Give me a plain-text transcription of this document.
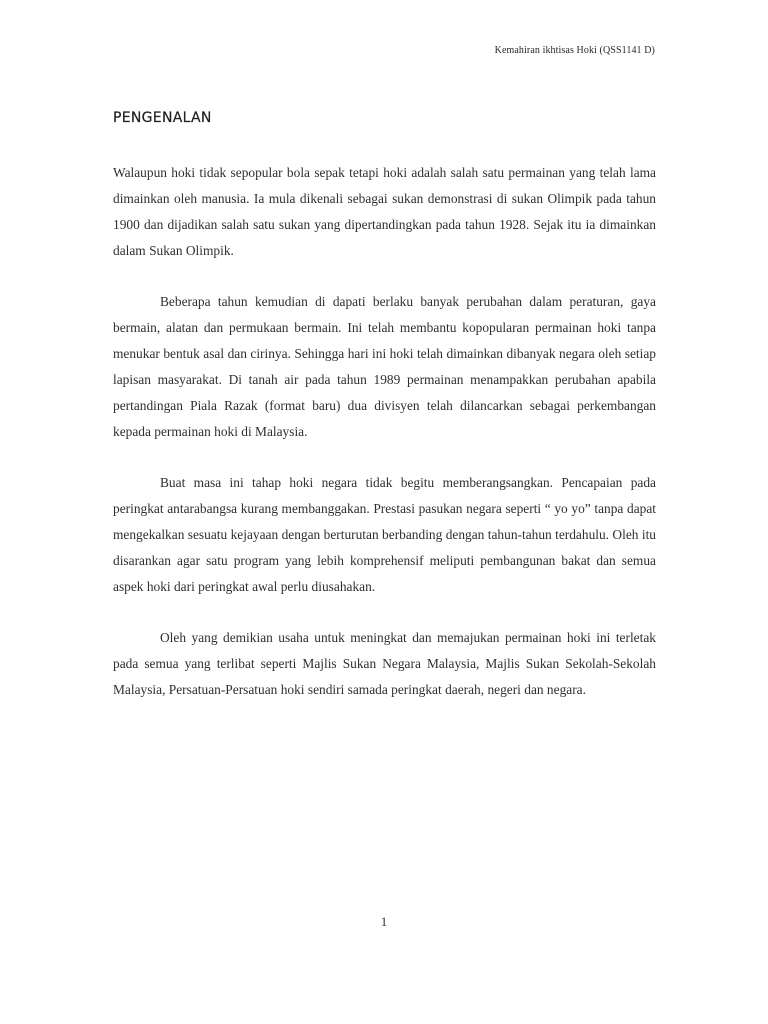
Kemahiran ikhtisas Hoki (QSS1141 D)
PENGENALAN

Walaupun hoki tidak sepopular bola sepak tetapi hoki adalah salah satu permainan yang telah lama dimainkan oleh manusia. Ia mula dikenali sebagai sukan demonstrasi di sukan Olimpik pada tahun 1900 dan dijadikan salah satu sukan yang dipertandingkan pada tahun 1928. Sejak itu ia dimainkan dalam Sukan Olimpik.

Beberapa tahun kemudian di dapati berlaku banyak perubahan dalam peraturan, gaya bermain, alatan dan permukaan bermain. Ini telah membantu kopopularan permainan hoki tanpa menukar bentuk asal dan cirinya. Sehingga hari ini hoki telah dimainkan dibanyak negara oleh setiap lapisan masyarakat. Di tanah air pada tahun 1989 permainan menampakkan perubahan apabila pertandingan Piala Razak (format baru) dua divisyen telah dilancarkan sebagai perkembangan kepada permainan hoki di Malaysia.

Buat masa ini tahap hoki negara tidak begitu memberangsangkan. Pencapaian pada peringkat antarabangsa kurang membanggakan. Prestasi pasukan negara seperti “ yo yo” tanpa dapat mengekalkan sesuatu kejayaan dengan berturutan berbanding dengan tahun-tahun terdahulu. Oleh itu disarankan agar satu program yang lebih komprehensif meliputi pembangunan bakat dan semua aspek hoki dari peringkat awal perlu diusahakan.

Oleh yang demikian usaha untuk meningkat dan memajukan permainan hoki ini terletak pada semua yang terlibat seperti Majlis Sukan Negara Malaysia, Majlis Sukan Sekolah-Sekolah Malaysia, Persatuan-Persatuan hoki sendiri samada peringkat daerah, negeri dan negara.

1
